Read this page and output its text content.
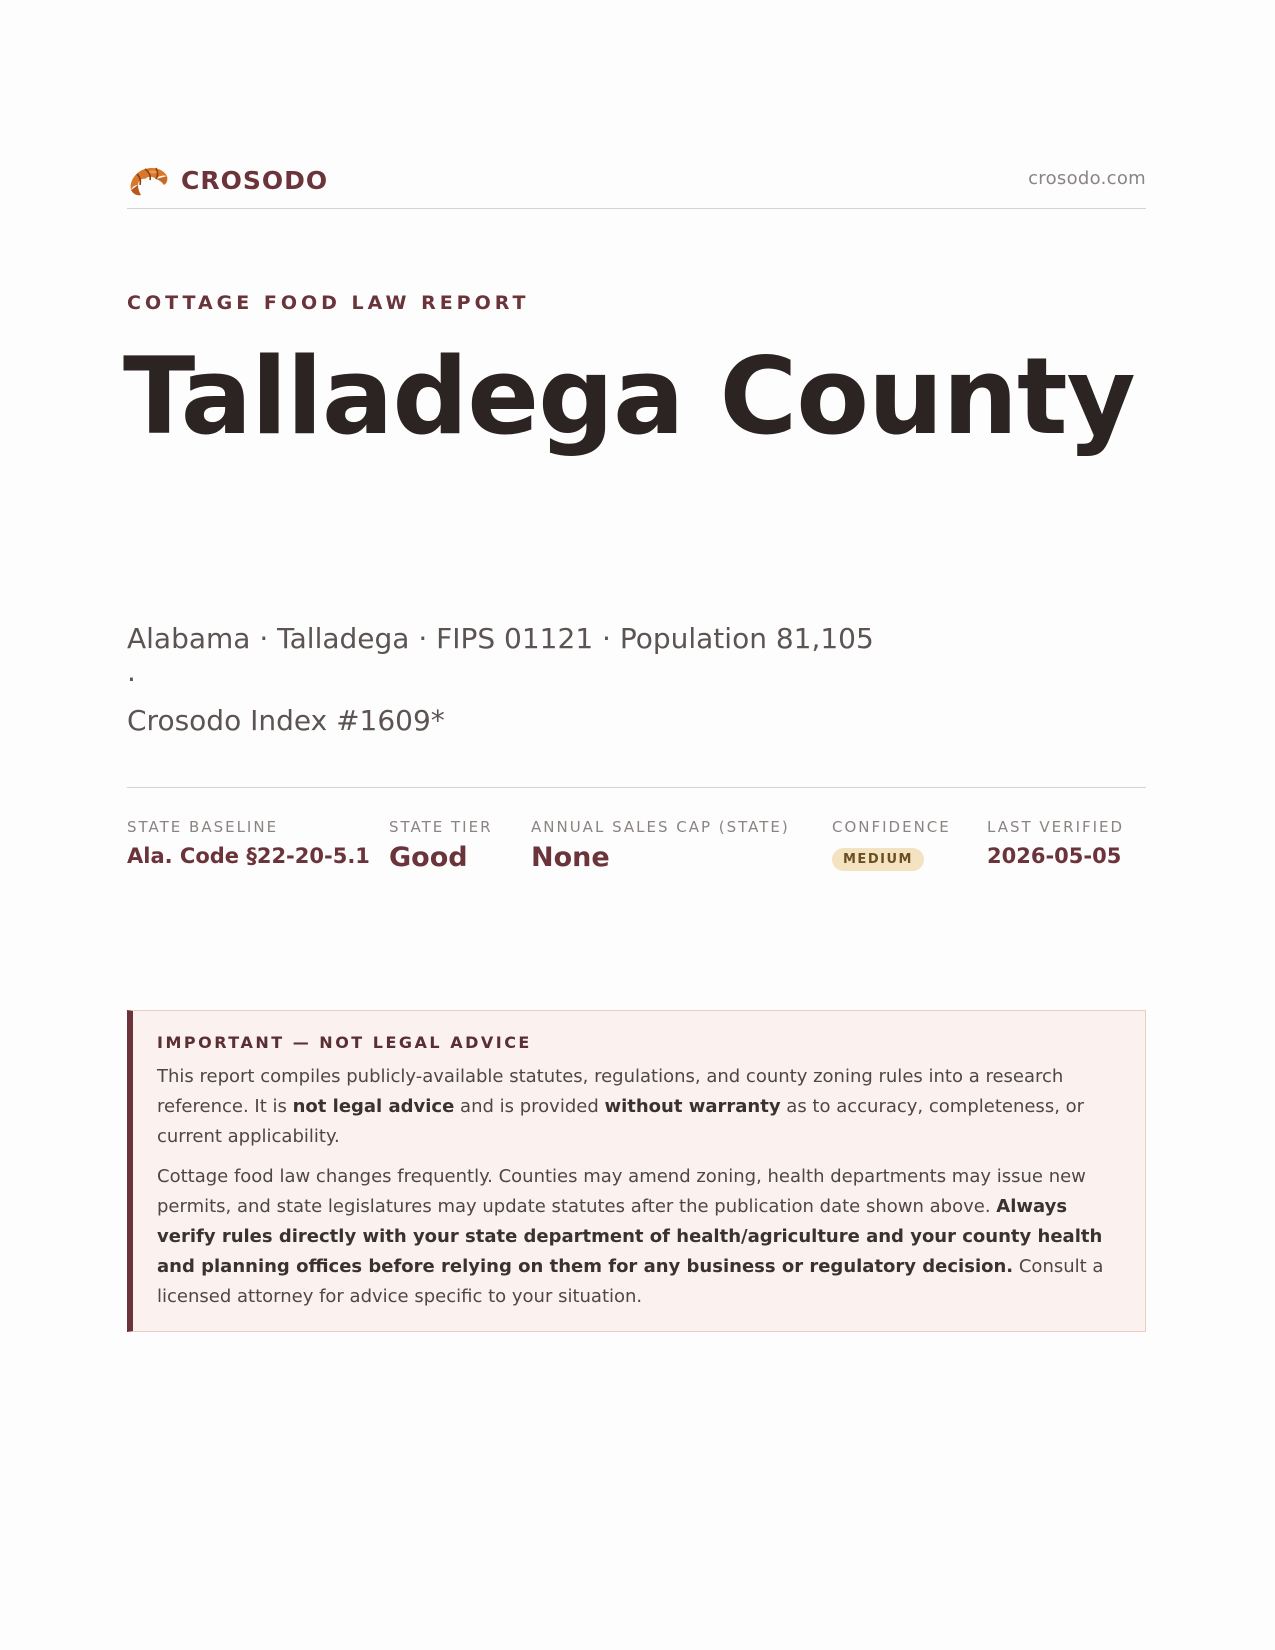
CROSODO	crosodo.com
COTTAGE FOOD LAW REPORT
Talladega County
Alabama · Talladega · FIPS 01121 · Population 81,105 ·
Crosodo Index #1609*
STATE BASELINE
Ala. Code §22-20-5.1
STATE TIER
Good
ANNUAL SALES CAP (STATE)
None
CONFIDENCE
MEDIUM
LAST VERIFIED
2026-05-05
IMPORTANT — NOT LEGAL ADVICE

This report compiles publicly-available statutes, regulations, and county zoning rules into a research reference. It is not legal advice and is provided without warranty as to accuracy, completeness, or current applicability.

Cottage food law changes frequently. Counties may amend zoning, health departments may issue new permits, and state legislatures may update statutes after the publication date shown above. Always verify rules directly with your state department of health/agriculture and your county health and planning offices before relying on them for any business or regulatory decision. Consult a licensed attorney for advice specific to your situation.
